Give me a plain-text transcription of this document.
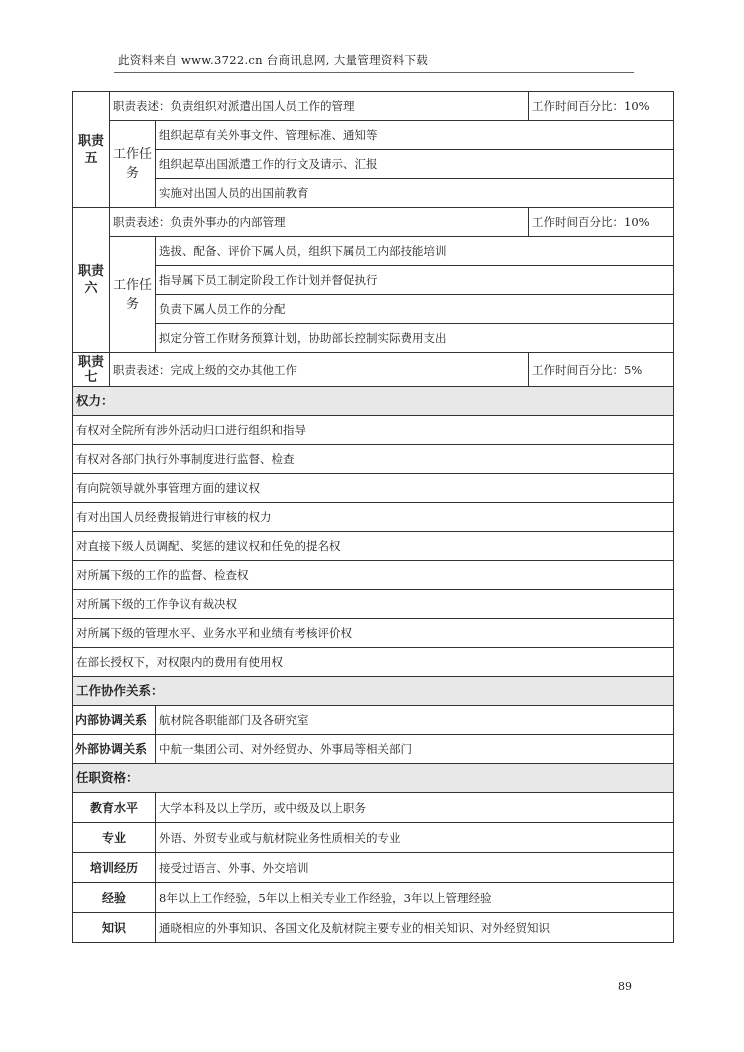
此资料来自 www.3722.cn 台商讯息网, 大量管理资料下载
职责五	职责表述：负责组织对派遣出国人员工作的管理		工作时间百分比：10%
	工作任务	组织起草有关外事文件、管理标准、通知等	
		组织起草出国派遣工作的行文及请示、汇报	
		实施对出国人员的出国前教育	
职责六	职责表述：负责外事办的内部管理		工作时间百分比：10%
	工作任务	选拔、配备、评价下属人员，组织下属员工内部技能培训	
		指导属下员工制定阶段工作计划并督促执行	
		负责下属人员工作的分配	
		拟定分管工作财务预算计划，协助部长控制实际费用支出	
职责七	职责表述：完成上级的交办其他工作		工作时间百分比：5%
权力：			
有权对全院所有涉外活动归口进行组织和指导			
有权对各部门执行外事制度进行监督、检查			
有向院领导就外事管理方面的建议权			
有对出国人员经费报销进行审核的权力			
对直接下级人员调配、奖惩的建议权和任免的提名权			
对所属下级的工作的监督、检查权			
对所属下级的工作争议有裁决权			
对所属下级的管理水平、业务水平和业绩有考核评价权			
在部长授权下，对权限内的费用有使用权			
工作协作关系：			
内部协调关系		航材院各职能部门及各研究室	
外部协调关系		中航一集团公司、对外经贸办、外事局等相关部门	
任职资格：			
教育水平		大学本科及以上学历，或中级及以上职务	
专业		外语、外贸专业或与航材院业务性质相关的专业	
培训经历		接受过语言、外事、外交培训	
经验		8年以上工作经验，5年以上相关专业工作经验，3年以上管理经验	
知识		通晓相应的外事知识、各国文化及航材院主要专业的相关知识、对外经贸知识	
89
